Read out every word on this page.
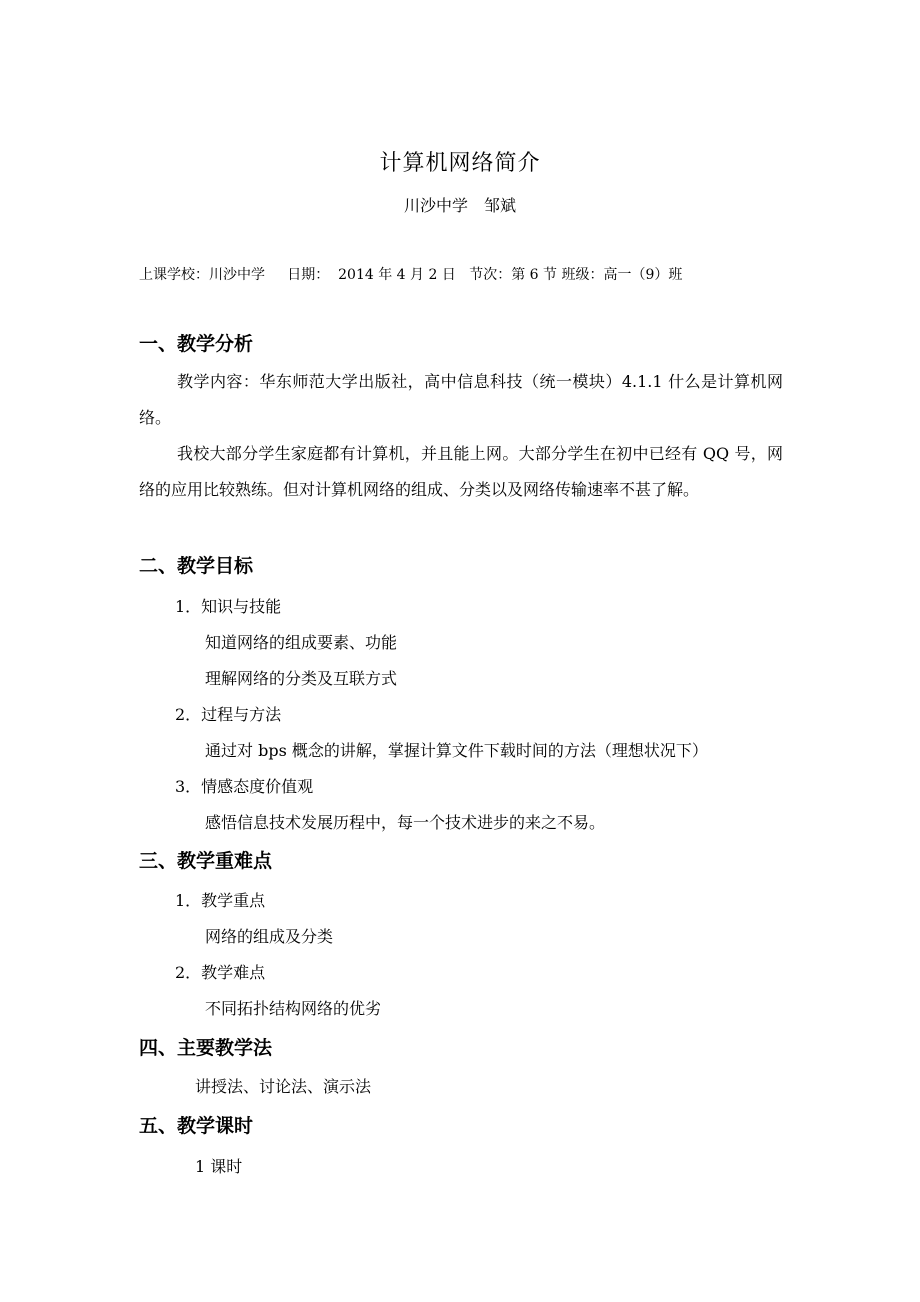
计算机网络简介
川沙中学　邹斌
上课学校：川沙中学     日期：  2014 年 4 月 2 日   节次：第 6 节 班级：高一（9）班
一、教学分析
教学内容：华东师范大学出版社，高中信息科技（统一模块）4.1.1 什么是计算机网络。
我校大部分学生家庭都有计算机，并且能上网。大部分学生在初中已经有 QQ 号，网络的应用比较熟练。但对计算机网络的组成、分类以及网络传输速率不甚了解。
二、教学目标
1．知识与技能
知道网络的组成要素、功能
理解网络的分类及互联方式
2．过程与方法
通过对 bps 概念的讲解，掌握计算文件下载时间的方法（理想状况下）
3．情感态度价值观
感悟信息技术发展历程中，每一个技术进步的来之不易。
三、教学重难点
1．教学重点
网络的组成及分类
2．教学难点
不同拓扑结构网络的优劣
四、主要教学法
讲授法、讨论法、演示法
五、教学课时
1 课时
